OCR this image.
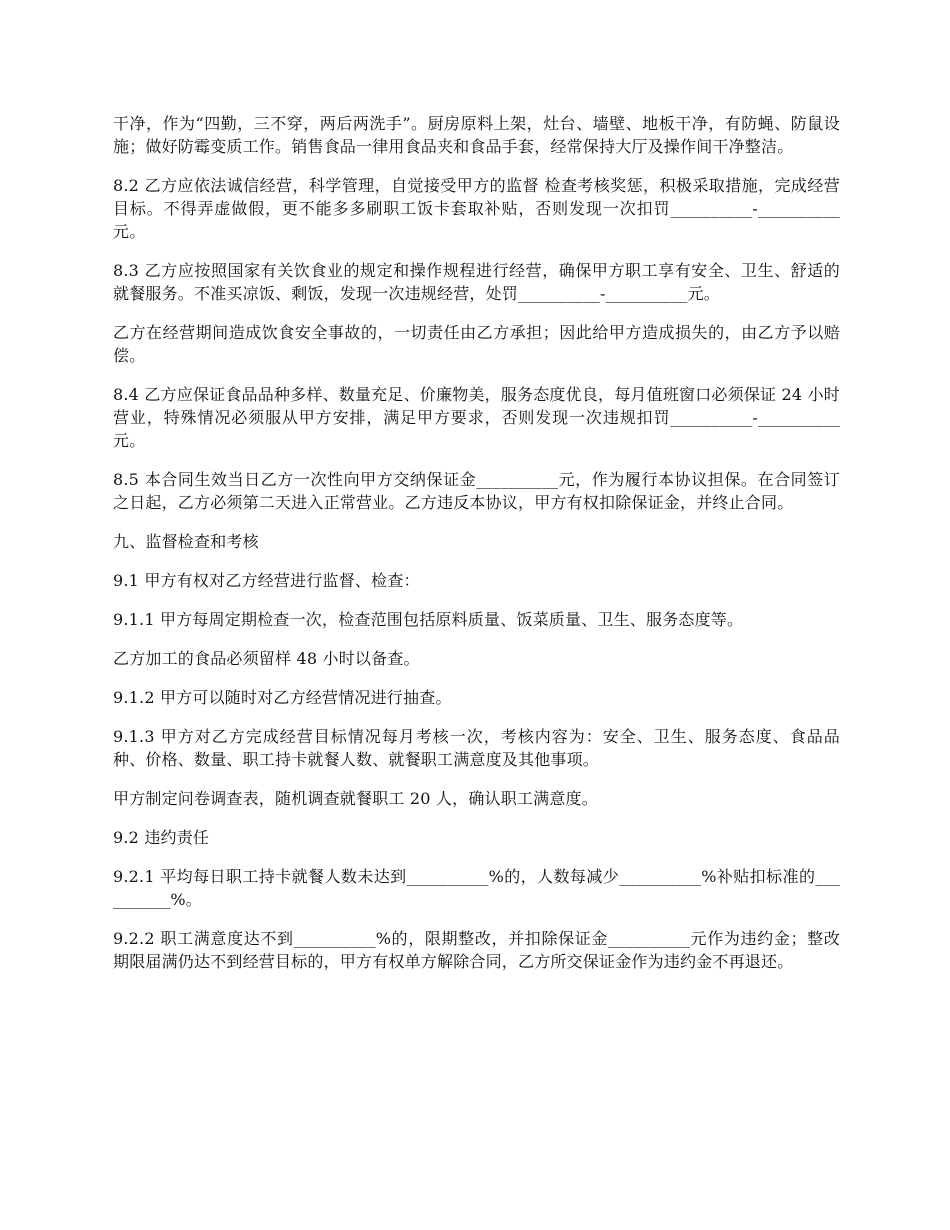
干净，作为“四勤，三不穿，两后两洗手”。厨房原料上架，灶台、墙壁、地板干净，有防蝇、防鼠设施；做好防霉变质工作。销售食品一律用食品夹和食品手套，经常保持大厅及操作间干净整洁。

8.2 乙方应依法诚信经营，科学管理，自觉接受甲方的监督 检查考核奖惩，积极采取措施，完成经营目标。不得弄虚做假，更不能多多刷职工饭卡套取补贴，否则发现一次扣罚__________-__________元。

8.3 乙方应按照国家有关饮食业的规定和操作规程进行经营，确保甲方职工享有安全、卫生、舒适的就餐服务。不准买凉饭、剩饭，发现一次违规经营，处罚__________-__________元。

乙方在经营期间造成饮食安全事故的，一切责任由乙方承担；因此给甲方造成损失的，由乙方予以赔偿。

8.4 乙方应保证食品品种多样、数量充足、价廉物美，服务态度优良，每月值班窗口必须保证 24 小时营业，特殊情况必须服从甲方安排，满足甲方要求，否则发现一次违规扣罚__________-__________元。

8.5 本合同生效当日乙方一次性向甲方交纳保证金__________元，作为履行本协议担保。在合同签订之日起，乙方必须第二天进入正常营业。乙方违反本协议，甲方有权扣除保证金，并终止合同。

九、监督检查和考核

9.1 甲方有权对乙方经营进行监督、检查：

9.1.1 甲方每周定期检查一次，检查范围包括原料质量、饭菜质量、卫生、服务态度等。

乙方加工的食品必须留样 48 小时以备查。

9.1.2 甲方可以随时对乙方经营情况进行抽查。

9.1.3 甲方对乙方完成经营目标情况每月考核一次，考核内容为：安全、卫生、服务态度、食品品种、价格、数量、职工持卡就餐人数、就餐职工满意度及其他事项。

甲方制定问卷调查表，随机调查就餐职工 20 人，确认职工满意度。

9.2 违约责任

9.2.1 平均每日职工持卡就餐人数未达到__________%的，人数每减少__________%补贴扣标准的__________%。

9.2.2 职工满意度达不到__________%的，限期整改，并扣除保证金__________元作为违约金；整改期限届满仍达不到经营目标的，甲方有权单方解除合同，乙方所交保证金作为违约金不再退还。
